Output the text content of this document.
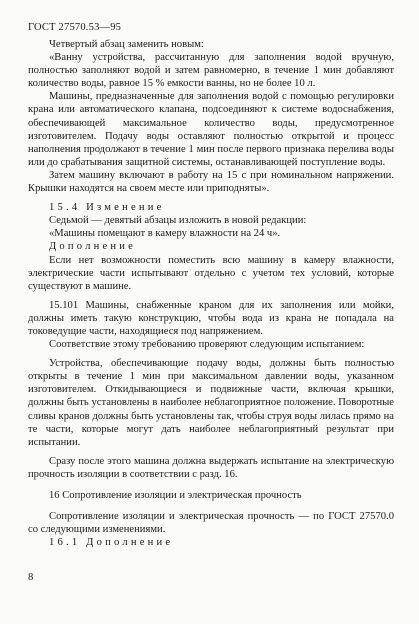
ГОСТ 27570.53—95

Четвертый абзац заменить новым:

«Ванну устройства, рассчитанную для заполнения водой вручную, полностью заполняют водой и затем равномерно, в течение 1 мин добавляют количество воды, равное 15 % емкости ванны, но не более 10 л.

Машины, предназначенные для заполнения водой с помощью регулировки крана или автоматического клапана, подсоединяют к системе водоснабжения, обеспечивающей максимальное количество воды, предусмотренное изготовителем. Подачу воды оставляют полностью открытой и процесс наполнения продолжают в течение 1 мин после первого признака перелива воды или до срабатывания защитной системы, останавливающей поступление воды.

Затем машину включают в работу на 15 с при номинальном напряжении. Крышки находятся на своем месте или приподняты».

15.4 Изменение

Седьмой — девятый абзацы изложить в новой редакции:

«Машины помещают в камеру влажности на 24 ч».

Дополнение

Если нет возможности поместить всю машину в камеру влажности, электрические части испытывают отдельно с учетом тех условий, которые существуют в машине.

15.101 Машины, снабженные краном для их заполнения или мойки, должны иметь такую конструкцию, чтобы вода из крана не попадала на токоведущие части, находящиеся под напряжением.

Соответствие этому требованию проверяют следующим испытанием:

Устройства, обеспечивающие подачу воды, должны быть полностью открыты в течение 1 мин при максимальном давлении воды, указанном изготовителем. Откидывающиеся и подвижные части, включая крышки, должны быть установлены в наиболее неблагоприятное положение. Поворотные сливы кранов должны быть установлены так, чтобы струя воды лилась прямо на те части, которые могут дать наиболее неблагоприятный результат при испытании.

Сразу после этого машина должна выдержать испытание на электрическую прочность изоляции в соответствии с разд. 16.

16 Сопротивление изоляции и электрическая прочность

Сопротивление изоляции и электрическая прочность — по ГОСТ 27570.0 со следующими изменениями.

16.1 Дополнение

8
